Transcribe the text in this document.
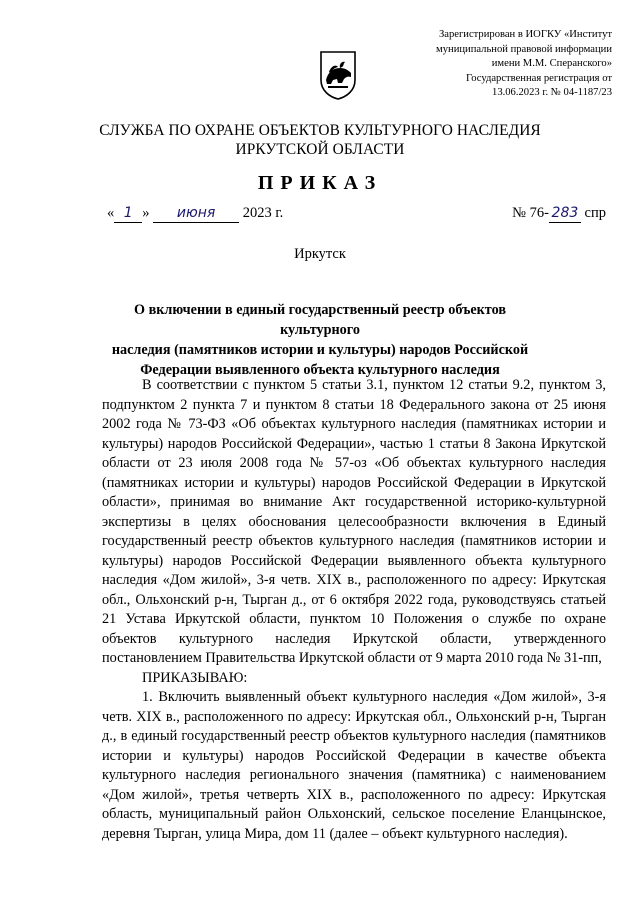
Зарегистрирован в ИОГКУ «Институт
муниципальной правовой информации
имени М.М. Сперанского»
Государственная регистрация от
13.06.2023 г. № 04-1187/23
СЛУЖБА ПО ОХРАНЕ ОБЪЕКТОВ КУЛЬТУРНОГО НАСЛЕДИЯ
ИРКУТСКОЙ ОБЛАСТИ
ПРИКАЗ
« 1 » июня 2023 г.	№ 76- 283 спр
Иркутск
О включении в единый государственный реестр объектов культурного
наследия (памятников истории и культуры) народов Российской
Федерации выявленного объекта культурного наследия

В соответствии с пунктом 5 статьи 3.1, пунктом 12 статьи 9.2, пунктом 3, подпунктом 2 пункта 7 и пунктом 8 статьи 18 Федерального закона от 25 июня 2002 года № 73-ФЗ «Об объектах культурного наследия (памятниках истории и культуры) народов Российской Федерации», частью 1 статьи 8 Закона Иркутской области от 23 июля 2008 года № 57-оз «Об объектах культурного наследия (памятниках истории и культуры) народов Российской Федерации в Иркутской области», принимая во внимание Акт государственной историко-культурной экспертизы в целях обоснования целесообразности включения в Единый государственный реестр объектов культурного наследия (памятников истории и культуры) народов Российской Федерации выявленного объекта культурного наследия «Дом жилой», 3-я четв. XIX в., расположенного по адресу: Иркутская обл., Ольхонский р-н, Тырган д., от 6 октября 2022 года, руководствуясь статьей 21 Устава Иркутской области, пунктом 10 Положения о службе по охране объектов культурного наследия Иркутской области, утвержденного постановлением Правительства Иркутской области от 9 марта 2010 года № 31-пп,

ПРИКАЗЫВАЮ:

1. Включить выявленный объект культурного наследия «Дом жилой», 3-я четв. XIX в., расположенного по адресу: Иркутская обл., Ольхонский р-н, Тырган д., в единый государственный реестр объектов культурного наследия (памятников истории и культуры) народов Российской Федерации в качестве объекта культурного наследия регионального значения (памятника) с наименованием «Дом жилой», третья четверть XIX в., расположенного по адресу: Иркутская область, муниципальный район Ольхонский, сельское поселение Еланцынское, деревня Тырган, улица Мира, дом 11 (далее – объект культурного наследия).
